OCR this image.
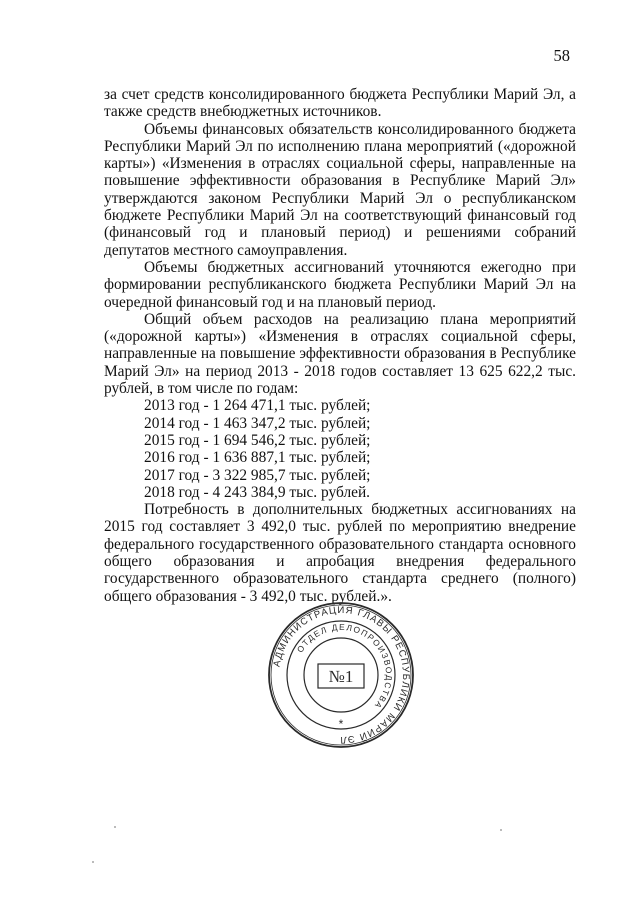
58

за счет средств консолидированного бюджета Республики Марий Эл, а также средств внебюджетных источников.

Объемы финансовых обязательств консолидированного бюджета Республики Марий Эл по исполнению плана мероприятий («дорожной карты») «Изменения в отраслях социальной сферы, направленные на повышение эффективности образования в Республике Марий Эл» утверждаются законом Республики Марий Эл о республиканском бюджете Республики Марий Эл на соответствующий финансовый год (финансовый год и плановый период) и решениями собраний депутатов местного самоуправления.

Объемы бюджетных ассигнований уточняются ежегодно при формировании республиканского бюджета Республики Марий Эл на очередной финансовый год и на плановый период.

Общий объем расходов на реализацию плана мероприятий («дорожной карты») «Изменения в отраслях социальной сферы, направленные на повышение эффективности образования в Республике Марий Эл» на период 2013 - 2018 годов составляет 13 625 622,2 тыс. рублей, в том числе по годам:

2013 год - 1 264 471,1 тыс. рублей;
2014 год - 1 463 347,2 тыс. рублей;
2015 год - 1 694 546,2 тыс. рублей;
2016 год - 1 636 887,1 тыс. рублей;
2017 год - 3 322 985,7 тыс. рублей;
2018 год - 4 243 384,9 тыс. рублей.

Потребность в дополнительных бюджетных ассигнованиях на 2015 год составляет 3 492,0 тыс. рублей по мероприятию внедрение федерального государственного образовательного стандарта основного общего образования и апробация внедрения федерального государственного образовательного стандарта среднего (полного) общего образования - 3 492,0 тыс. рублей.».

АДМИНИСТРАЦИЯ ГЛАВЫ РЕСПУБЛИКИ МАРИЙ ЭЛ
ОТДЕЛ ДЕЛОПРОИЗВОДСТВА
№1
*
